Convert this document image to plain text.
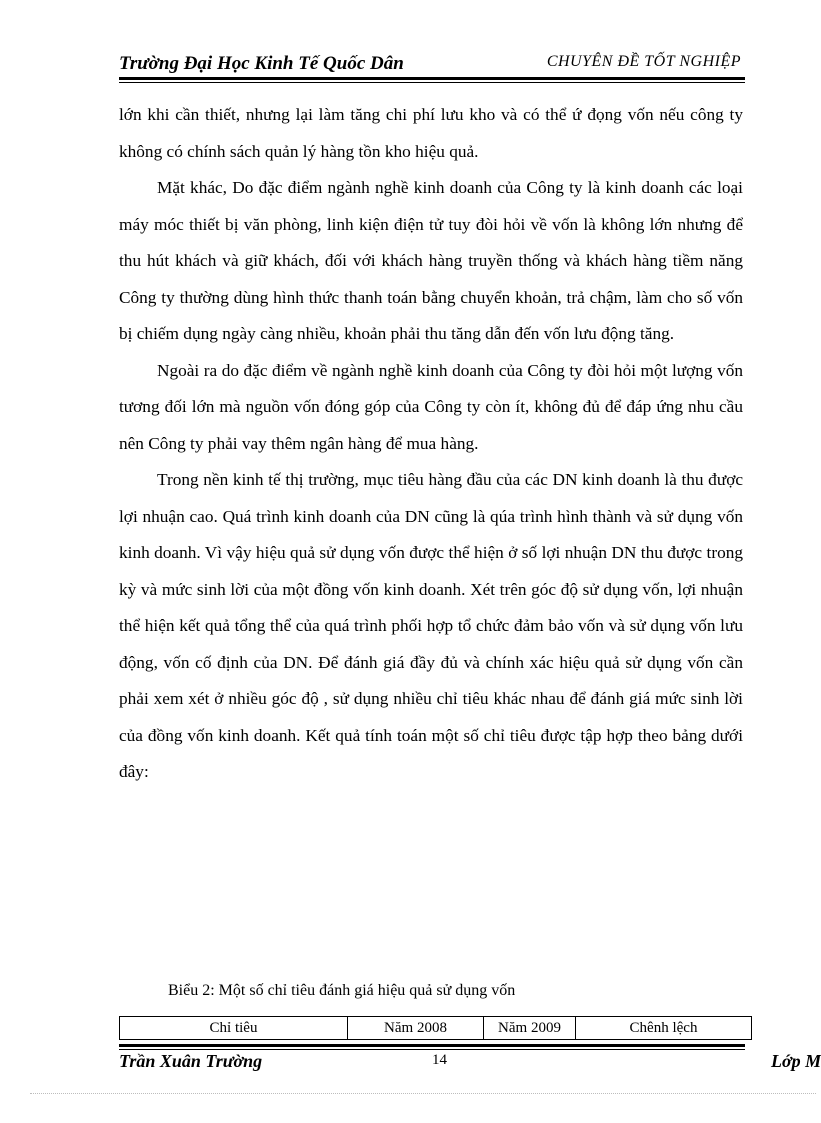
Trường Đại Học Kinh Tế Quốc Dân	CHUYÊN ĐỀ TỐT NGHIỆP

lớn khi cần thiết, nhưng lại làm tăng chi phí lưu kho và có thể ứ đọng vốn nếu công ty không có chính sách quản lý hàng tồn kho hiệu quả.

Mặt khác, Do đặc điểm ngành nghề kinh doanh của Công ty là kinh doanh các loại máy móc thiết bị văn phòng, linh kiện điện tử tuy đòi hỏi về vốn là không lớn nhưng để thu hút khách và giữ khách, đối với khách hàng truyền thống và khách hàng tiềm năng Công ty thường dùng hình thức thanh toán bằng chuyển khoản, trả chậm, làm cho số vốn bị chiếm dụng ngày càng nhiều, khoản phải thu tăng dẫn đến vốn lưu động tăng.

Ngoài ra do đặc điểm về ngành nghề kinh doanh của Công ty đòi hỏi một lượng vốn tương đối lớn mà nguồn vốn đóng góp của Công ty còn ít, không đủ để đáp ứng nhu cầu nên Công ty phải vay thêm ngân hàng để mua hàng.

Trong nền kinh tế thị trường, mục tiêu hàng đầu của các DN kinh doanh là thu được lợi nhuận cao. Quá trình kinh doanh của DN cũng là qúa trình hình thành và sử dụng vốn kinh doanh. Vì vậy hiệu quả sử dụng vốn được thể hiện ở số lợi nhuận DN thu được trong kỳ và mức sinh lời của một đồng vốn kinh doanh. Xét trên góc độ sử dụng vốn, lợi nhuận thể hiện kết quả tổng thể của quá trình phối hợp tổ chức đảm bảo vốn và sử dụng vốn lưu động, vốn cố định của DN. Để đánh giá đầy đủ và chính xác hiệu quả sử dụng vốn cần phải xem xét ở nhiều góc độ , sử dụng nhiều chỉ tiêu khác nhau để đánh giá mức sinh lời của đồng vốn kinh doanh. Kết quả tính toán một số chỉ tiêu được tập hợp theo bảng dưới đây:

Biểu 2: Một số chỉ tiêu đánh giá hiệu quả sử dụng vốn
Chỉ tiêu	Năm 2008	Năm 2009	Chênh lệch
Trần Xuân Trường	14	Lớp M
